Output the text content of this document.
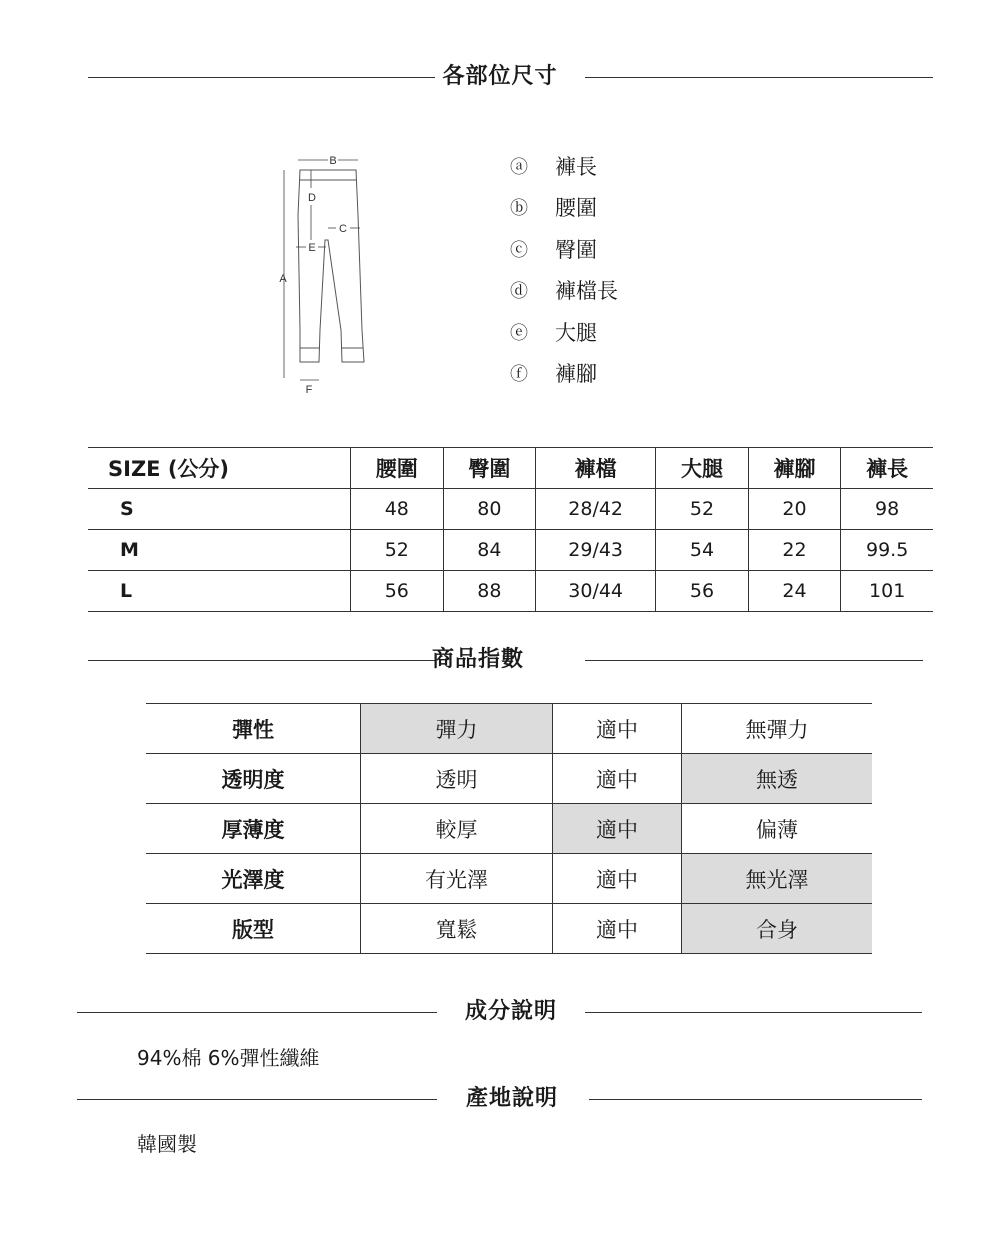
各部位尺寸
A
B
C
D
E
F
ⓐ	褲長
ⓑ	腰圍
ⓒ	臀圍
ⓓ	褲檔長
ⓔ	大腿
ⓕ	褲腳
SIZE (公分)	腰圍	臀圍	褲檔	大腿	褲腳	褲長
S	48	80	28/42	52	20	98
M	52	84	29/43	54	22	99.5
L	56	88	30/44	56	24	101
商品指數
彈性	彈力	適中	無彈力
透明度	透明	適中	無透
厚薄度	較厚	適中	偏薄
光澤度	有光澤	適中	無光澤
版型	寬鬆	適中	合身
成分說明
94%棉 6%彈性纖維
產地說明
韓國製
